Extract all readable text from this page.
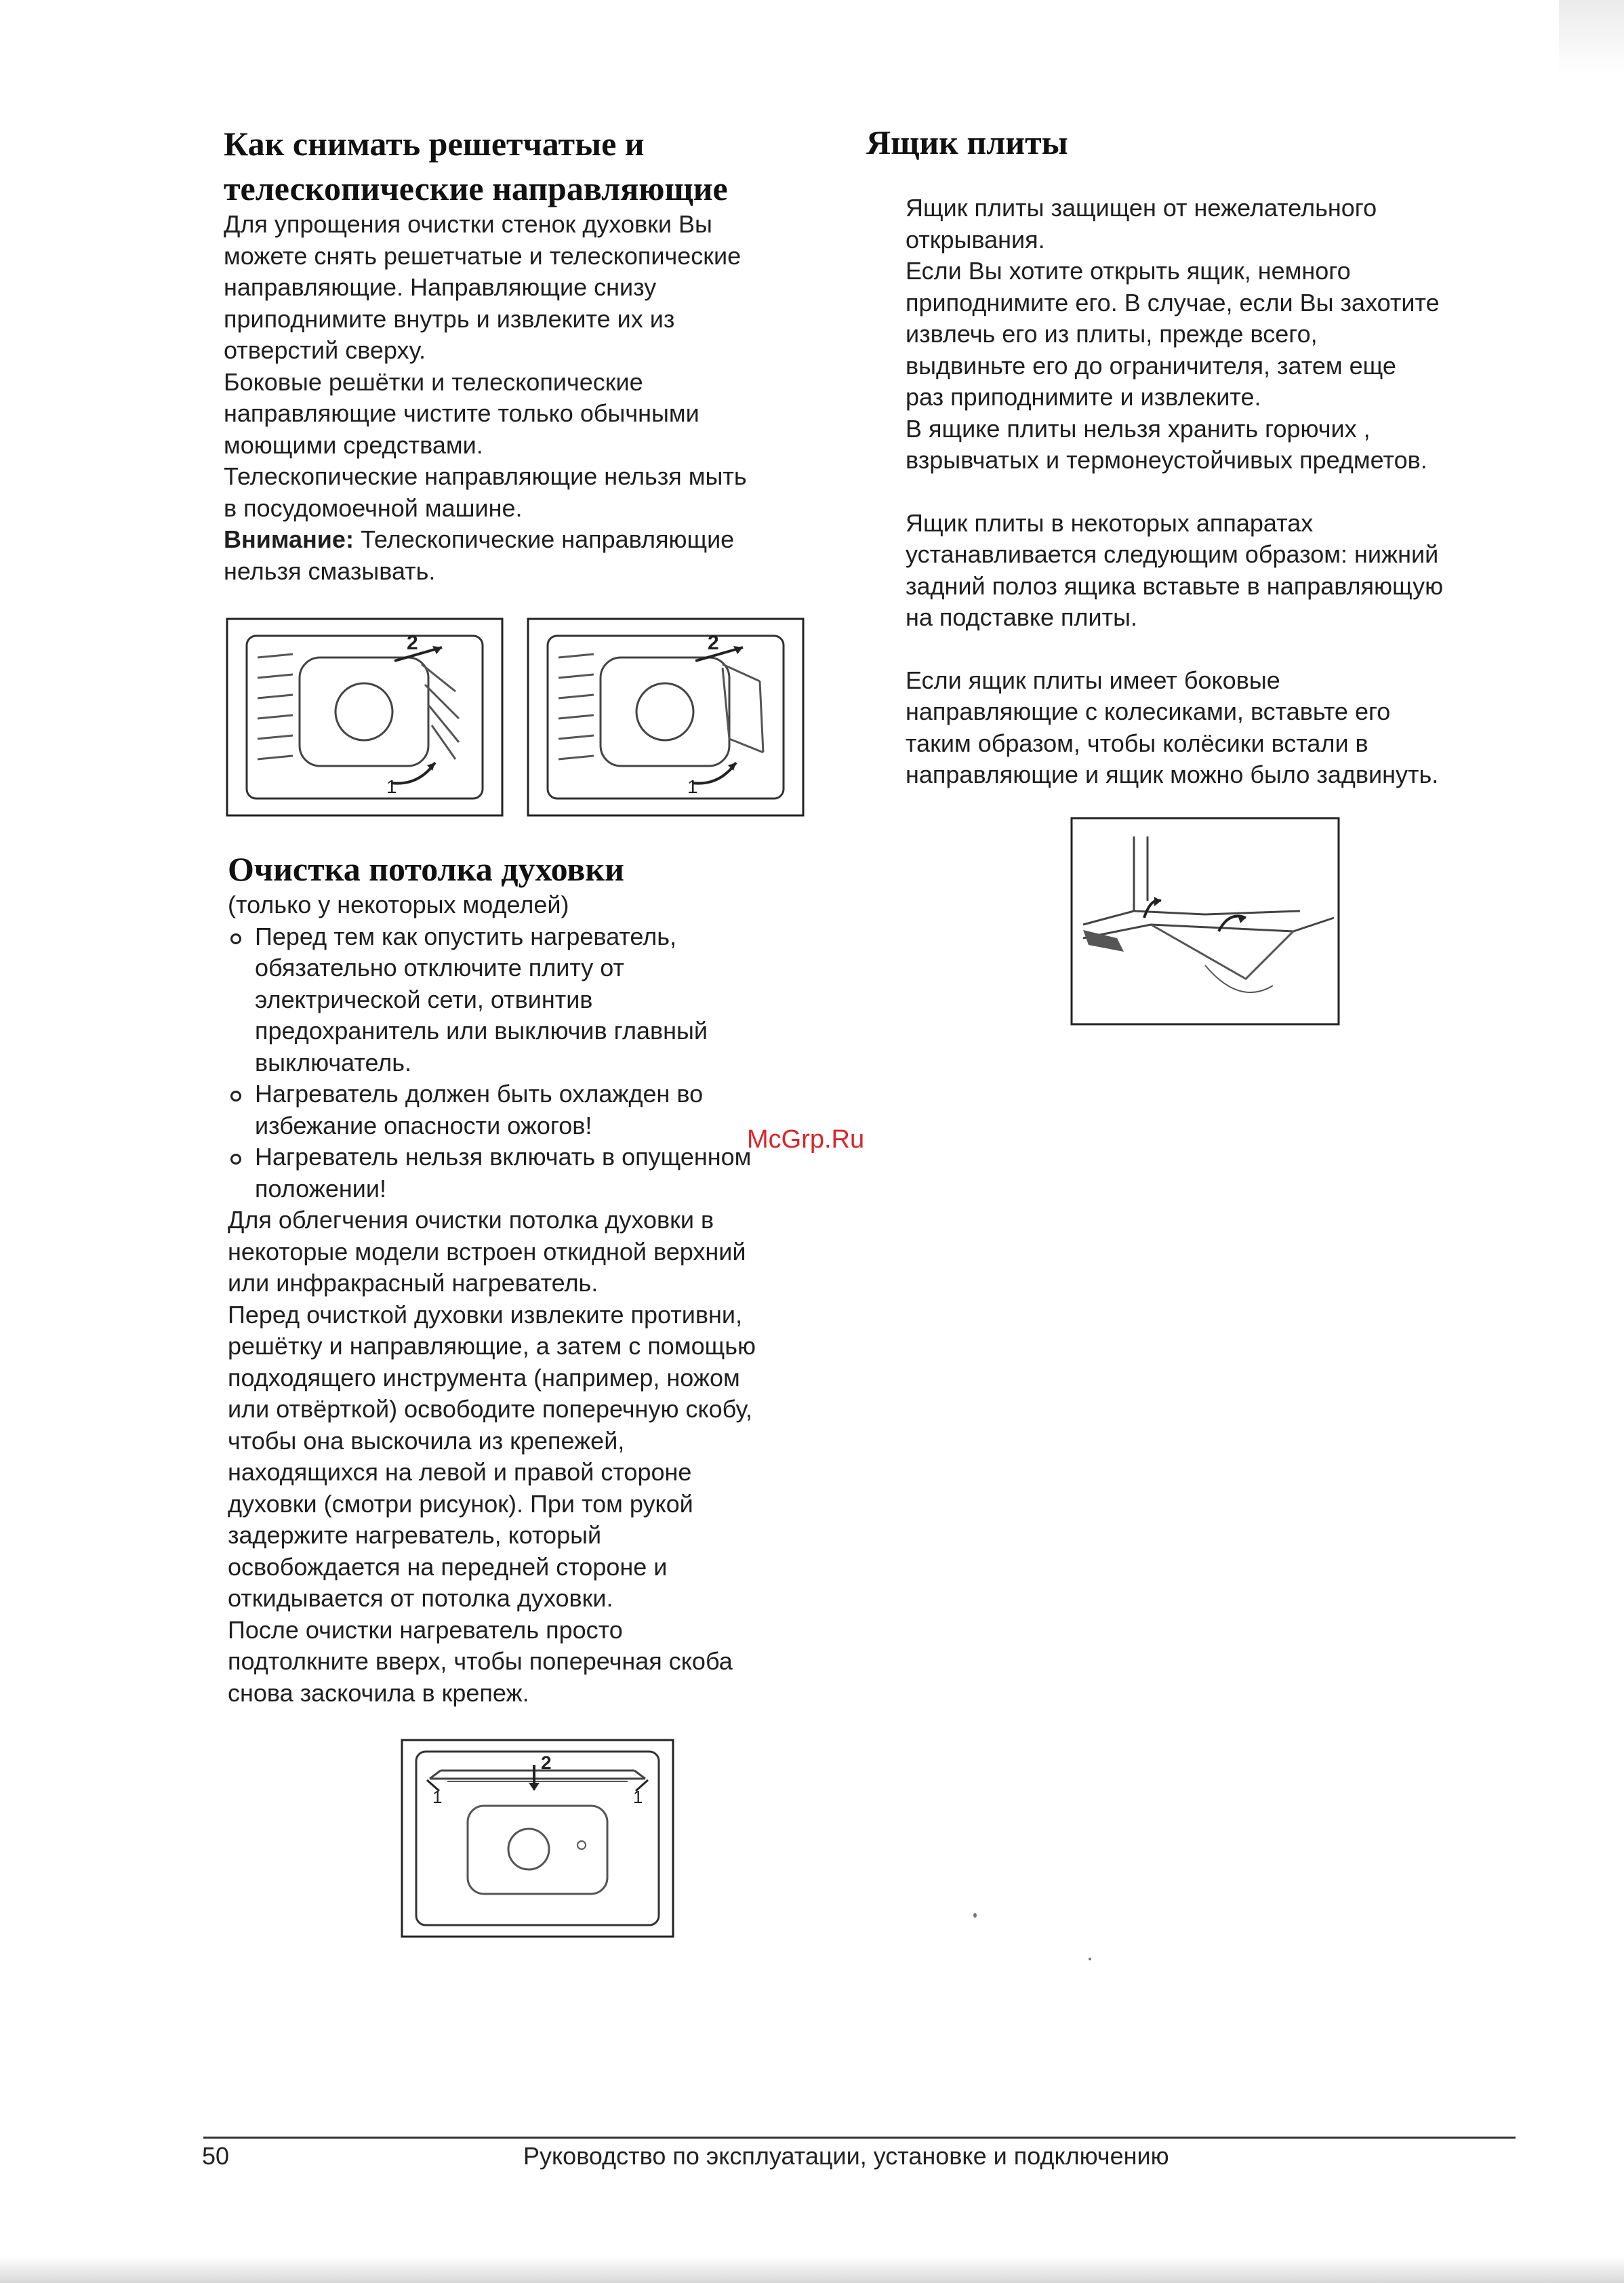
Как снимать решетчатые и
телескопические направляющие

Для упрощения очистки стенок духовки Вы
можете снять решетчатые и телескопические
направляющие. Направляющие снизу
приподнимите внутрь и извлеките их из
отверстий сверху.

Боковые решётки и телескопические
направляющие чистите только обычными
моющими средствами.

Телескопические направляющие нельзя мыть
в посудомоечной машине.

Внимание: Телескопические направляющие
нельзя смазывать.

2
1
2
1
Очистка потолка духовки

(только у некоторых моделей)

Перед тем как опустить нагреватель,
обязательно отключите плиту от
электрической сети, отвинтив
предохранитель или выключив главный
выключатель.
Нагреватель должен быть охлажден во
избежание опасности ожогов!
Нагреватель нельзя включать в опущенном
положении!

Для облегчения очистки потолка духовки в
некоторые модели встроен откидной верхний
или инфракрасный нагреватель.

Перед очисткой духовки извлеките противни,
решётку и направляющие, а затем с помощью
подходящего инструмента (например, ножом
или отвёрткой) освободите поперечную скобу,
чтобы она выскочила из крепежей,
находящихся на левой и правой стороне
духовки (смотри рисунок). При том рукой
задержите нагреватель, который
освобождается на передней стороне и
откидывается от потолка духовки.

После очистки нагреватель просто
подтолкните вверх, чтобы поперечная скоба
снова заскочила в крепеж.

2
1	1
Ящик плиты

Ящик плиты защищен от нежелательного
открывания.

Если Вы хотите открыть ящик, немного
приподнимите его. В случае, если Вы захотите
извлечь его из плиты, прежде всего,
выдвиньте его до ограничителя, затем еще
раз приподнимите и извлеките.

В ящике плиты нельзя хранить горючих ,
взрывчатых и термонеустойчивых предметов.

Ящик плиты в некоторых аппаратах
устанавливается следующим образом: нижний
задний полоз ящика вставьте в направляющую
на подставке плиты.

Если ящик плиты имеет боковые
направляющие с колесиками, вставьте его
таким образом, чтобы колёсики встали в
направляющие и ящик можно было задвинуть.

McGrp.Ru
50	Руководство по эксплуатации, установке и подключению
